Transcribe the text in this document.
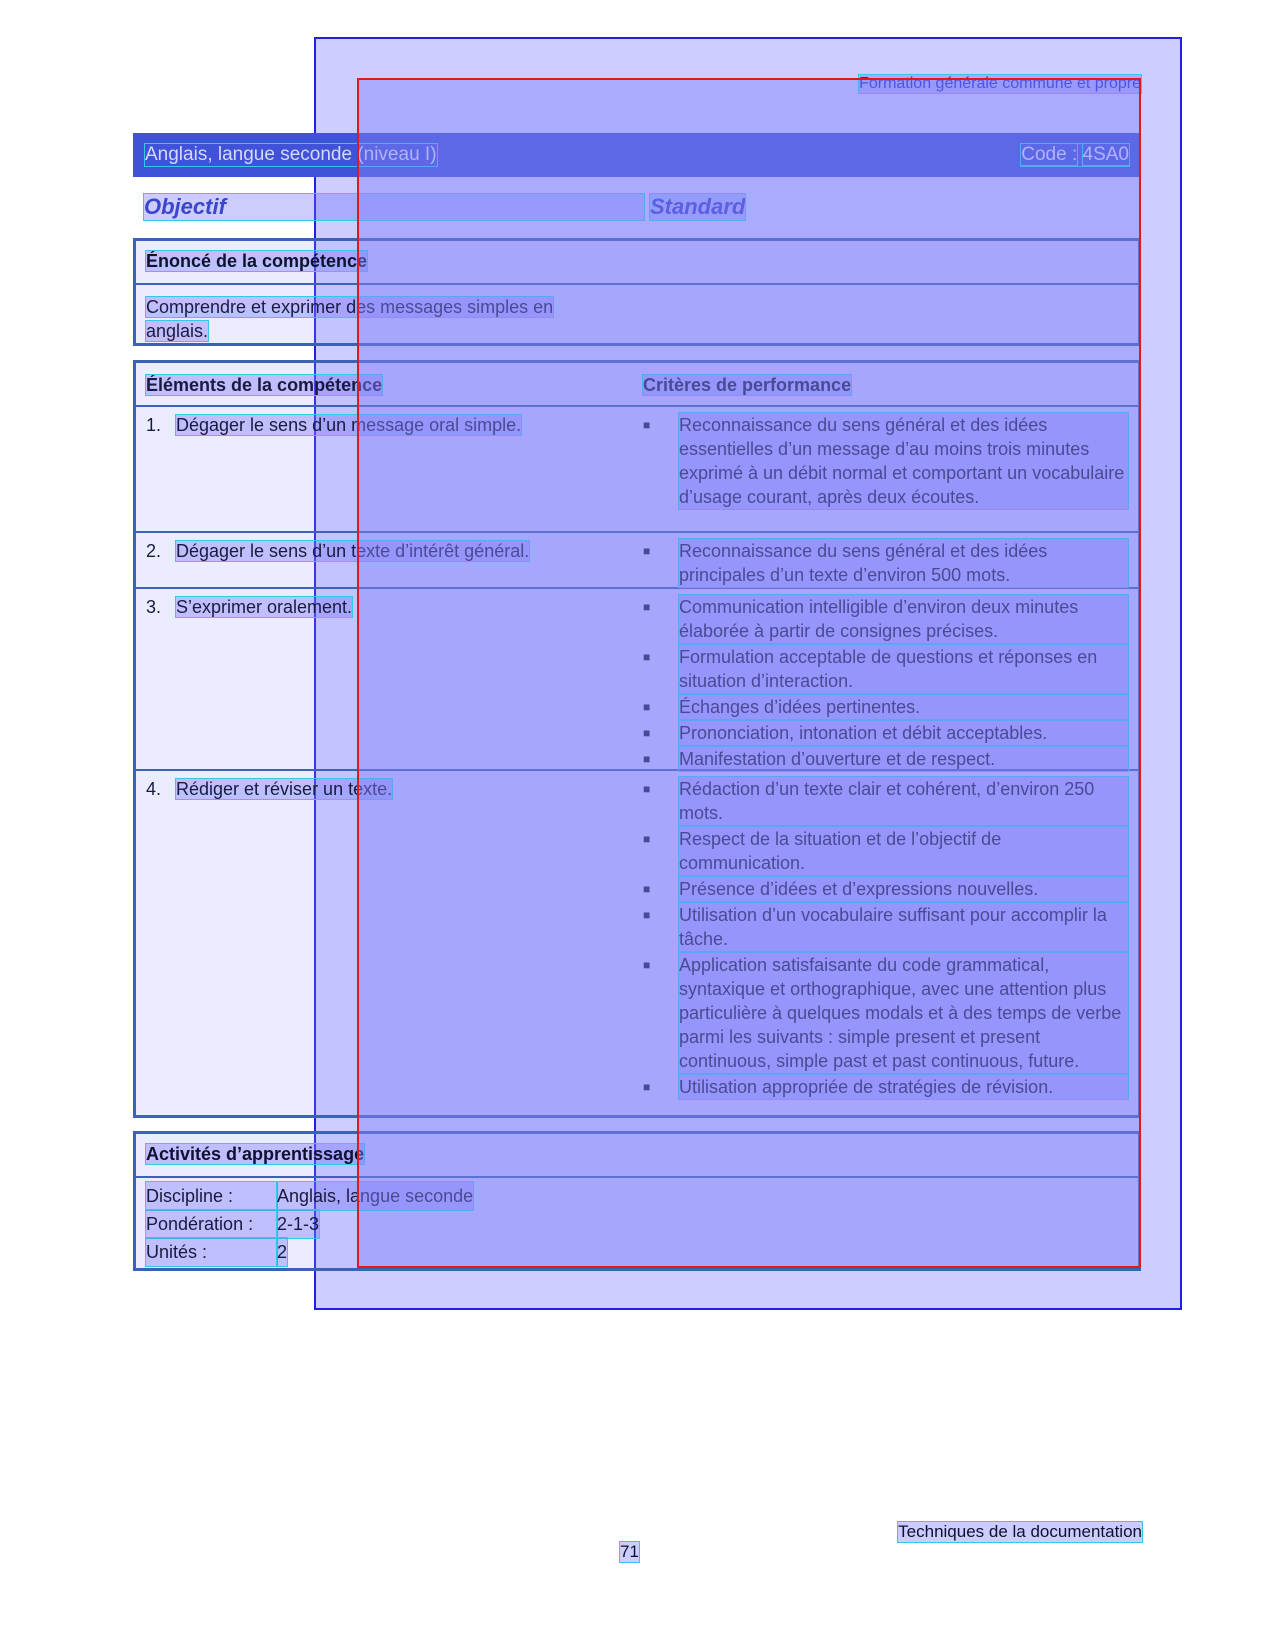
Formation générale commune et propre
Anglais, langue seconde (niveau I)	Code : 4SA0
Objectif	Standard
Énoncé de la compétence
Comprendre et exprimer des messages simples en anglais.
Éléments de la compétence	Critères de performance
1. Dégager le sens d’un message oral simple.	■	Reconnaissance du sens général et des idées essentielles d’un message d’au moins trois minutes exprimé à un débit normal et comportant un vocabulaire d’usage courant, après deux écoutes.
2. Dégager le sens d’un texte d’intérêt général.	■	Reconnaissance du sens général et des idées principales d’un texte d’environ 500 mots.
3. S’exprimer oralement.	■	Communication intelligible d’environ deux minutes élaborée à partir de consignes précises.
■	Formulation acceptable de questions et réponses en situation d’interaction.
■	Échanges d’idées pertinentes.
■	Prononciation, intonation et débit acceptables.
■	Manifestation d’ouverture et de respect.
4. Rédiger et réviser un texte.	■	Rédaction d’un texte clair et cohérent, d’environ 250 mots.
■	Respect de la situation et de l’objectif de communication.
■	Présence d’idées et d’expressions nouvelles.
■	Utilisation d’un vocabulaire suffisant pour accomplir la tâche.
■	Application satisfaisante du code grammatical, syntaxique et orthographique, avec une attention plus particulière à quelques modals et à des temps de verbe parmi les suivants : simple present et present continuous, simple past et past continuous, future.
■	Utilisation appropriée de stratégies de révision.
Activités d’apprentissage
Discipline :	Anglais, langue seconde
Pondération :	2-1-3
Unités :	2
Techniques de la documentation
71
